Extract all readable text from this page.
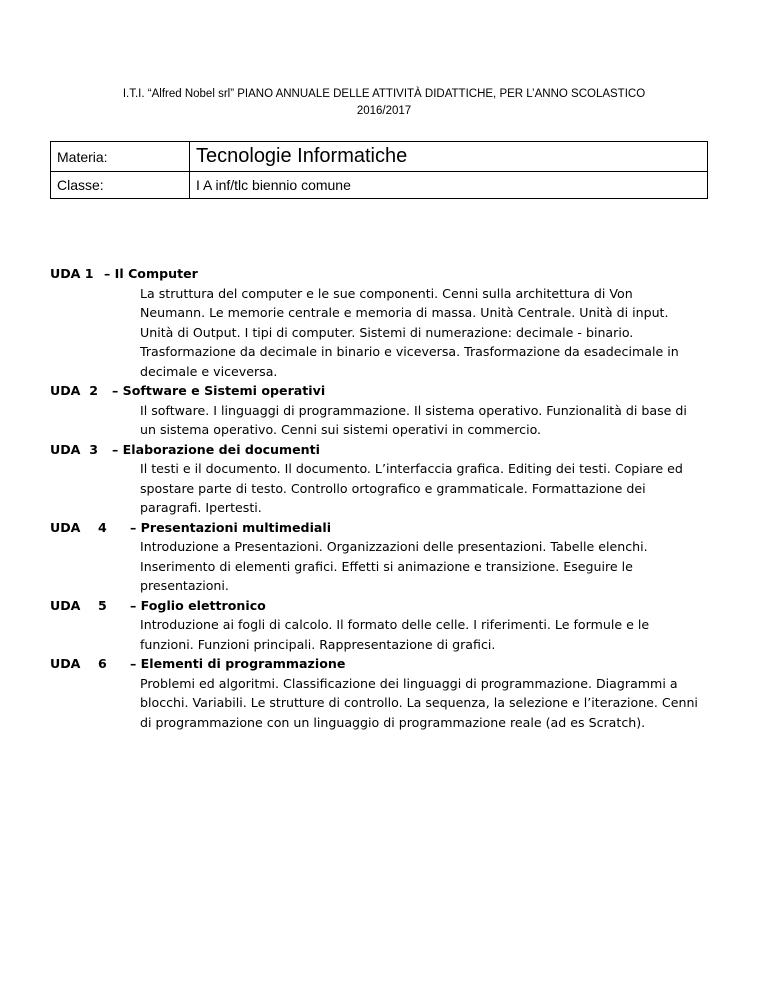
I.T.I. “Alfred Nobel srl” PIANO ANNUALE DELLE ATTIVITÀ DIDATTICHE, PER L’ANNO SCOLASTICO
2016/2017
Materia:	Tecnologie Informatiche
Classe:	I A inf/tlc biennio comune
UDA 1 – Il Computer
La struttura del computer e le sue componenti. Cenni sulla architettura di Von Neumann. Le memorie centrale e memoria di massa. Unità Centrale. Unità di input. Unità di Output. I tipi di computer. Sistemi di numerazione: decimale - binario. Trasformazione da decimale in binario e viceversa. Trasformazione da esadecimale in decimale e viceversa.
UDA  2 – Software e Sistemi operativi
Il software. I linguaggi di programmazione. Il sistema operativo. Funzionalità di base di un sistema operativo. Cenni sui sistemi operativi in commercio.
UDA  3 – Elaborazione dei documenti
Il testi e il documento. Il documento. L’interfaccia grafica. Editing dei testi. Copiare ed spostare parte di testo. Controllo ortografico e grammaticale. Formattazione dei paragrafi. Ipertesti.
UDA    4 – Presentazioni multimediali
Introduzione a Presentazioni. Organizzazioni delle presentazioni. Tabelle elenchi. Inserimento di elementi grafici. Effetti si animazione e transizione. Eseguire le presentazioni.
UDA    5 – Foglio elettronico
Introduzione ai fogli di calcolo. Il formato delle celle. I riferimenti. Le formule e le funzioni. Funzioni principali. Rappresentazione di grafici.
UDA    6 – Elementi di programmazione
Problemi ed algoritmi. Classificazione dei linguaggi di programmazione. Diagrammi a blocchi. Variabili. Le strutture di controllo. La sequenza, la selezione e l’iterazione. Cenni di programmazione con un linguaggio di programmazione reale (ad es Scratch).
